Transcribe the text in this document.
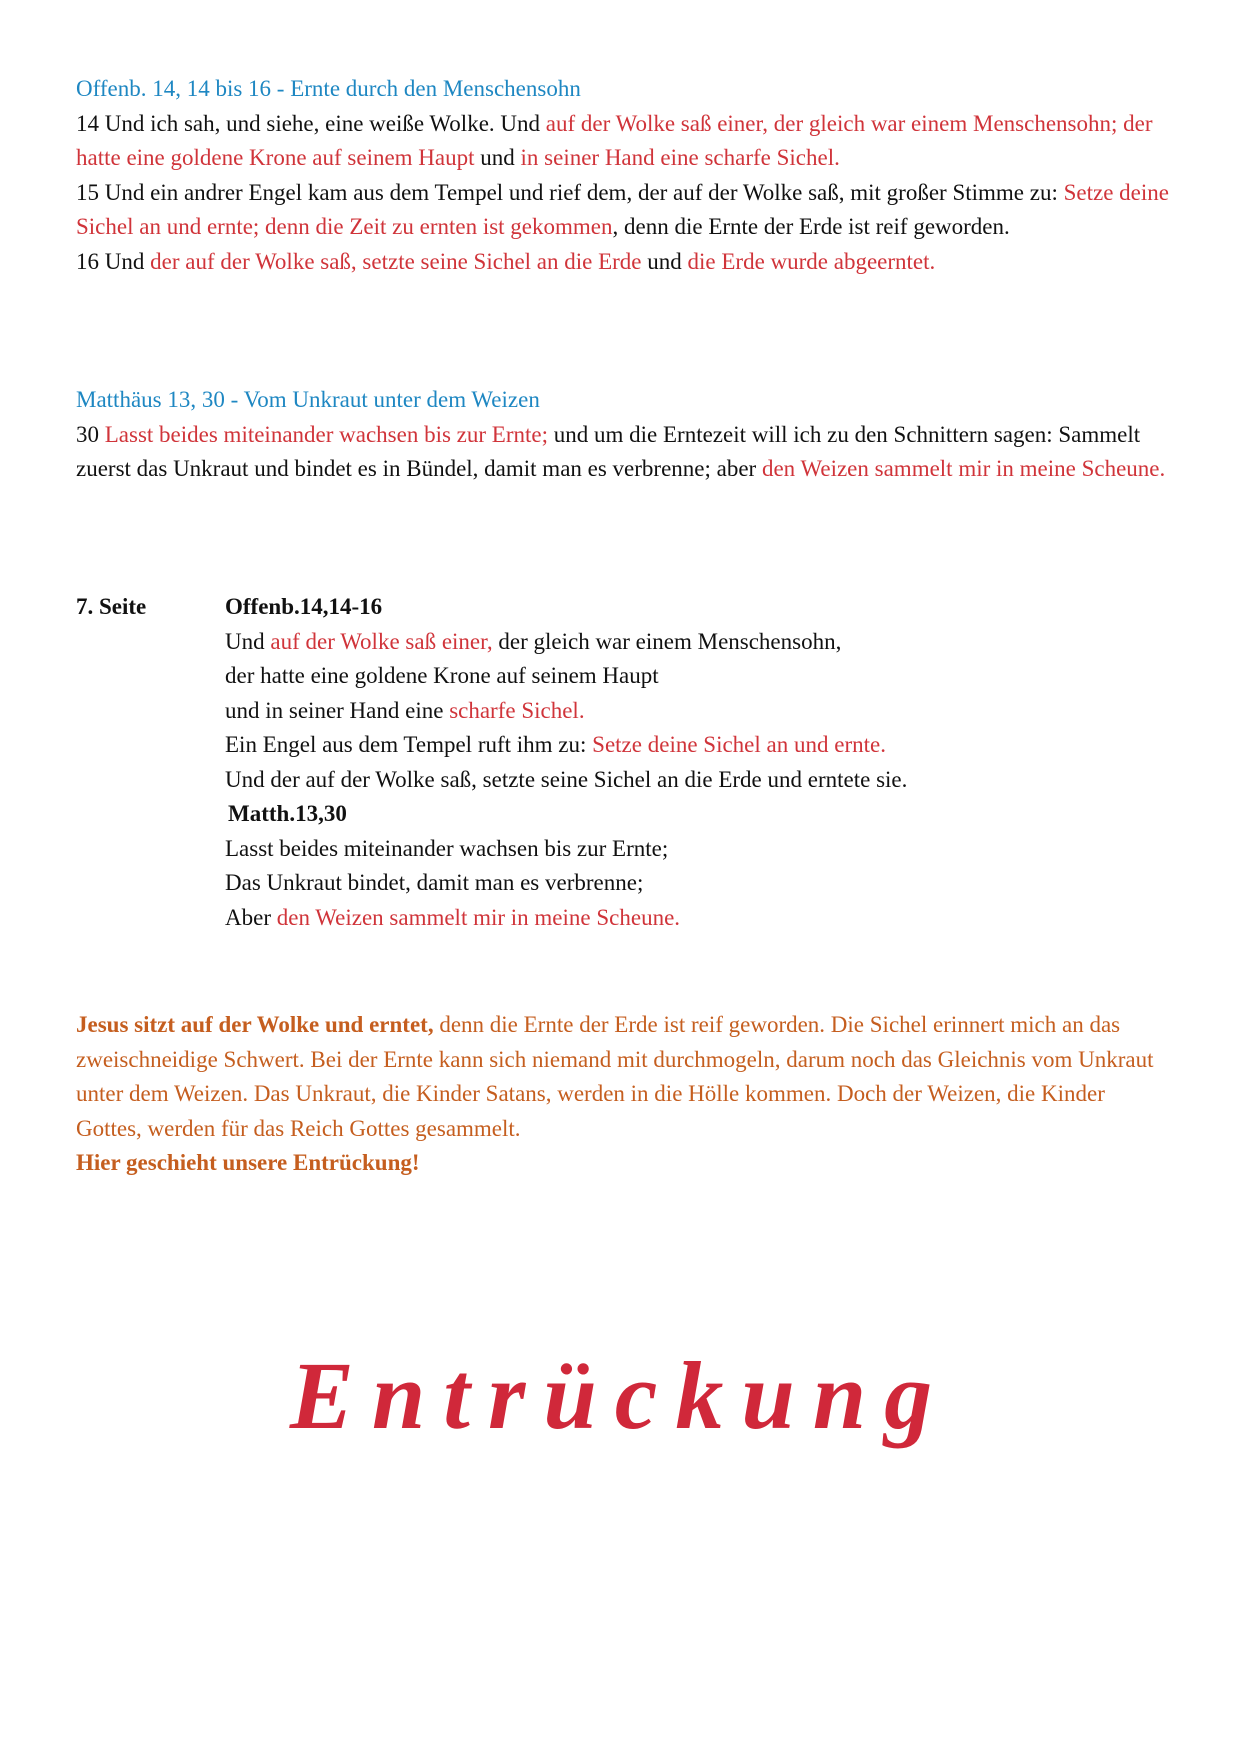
Offenb. 14, 14 bis 16 - Ernte durch den Menschensohn
14 Und ich sah, und siehe, eine weiße Wolke. Und auf der Wolke saß einer, der gleich war einem Menschensohn; der hatte eine goldene Krone auf seinem Haupt und in seiner Hand eine scharfe Sichel.
15 Und ein andrer Engel kam aus dem Tempel und rief dem, der auf der Wolke saß, mit großer Stimme zu: Setze deine Sichel an und ernte; denn die Zeit zu ernten ist gekommen, denn die Ernte der Erde ist reif geworden.
16 Und der auf der Wolke saß, setzte seine Sichel an die Erde und die Erde wurde abgeerntet.
Matthäus 13, 30 - Vom Unkraut unter dem Weizen
30 Lasst beides miteinander wachsen bis zur Ernte; und um die Erntezeit will ich zu den Schnittern sagen: Sammelt zuerst das Unkraut und bindet es in Bündel, damit man es verbrenne; aber den Weizen sammelt mir in meine Scheune.
7. Seite	Offenb.14,14-16
Und auf der Wolke saß einer, der gleich war einem Menschensohn,
der hatte eine goldene Krone auf seinem Haupt
und in seiner Hand eine scharfe Sichel.
Ein Engel aus dem Tempel ruft ihm zu: Setze deine Sichel an und ernte.
Und der auf der Wolke saß, setzte seine Sichel an die Erde und erntete sie.
Matth.13,30
Lasst beides miteinander wachsen bis zur Ernte;
Das Unkraut bindet, damit man es verbrenne;
Aber den Weizen sammelt mir in meine Scheune.
Jesus sitzt auf der Wolke und erntet, denn die Ernte der Erde ist reif geworden. Die Sichel erinnert mich an das zweischneidige Schwert. Bei der Ernte kann sich niemand mit durchmogeln, darum noch das Gleichnis vom Unkraut unter dem Weizen. Das Unkraut, die Kinder Satans, werden in die Hölle kommen. Doch der Weizen, die Kinder Gottes, werden für das Reich Gottes gesammelt.
Hier geschieht unsere Entrückung!
Entrückung
